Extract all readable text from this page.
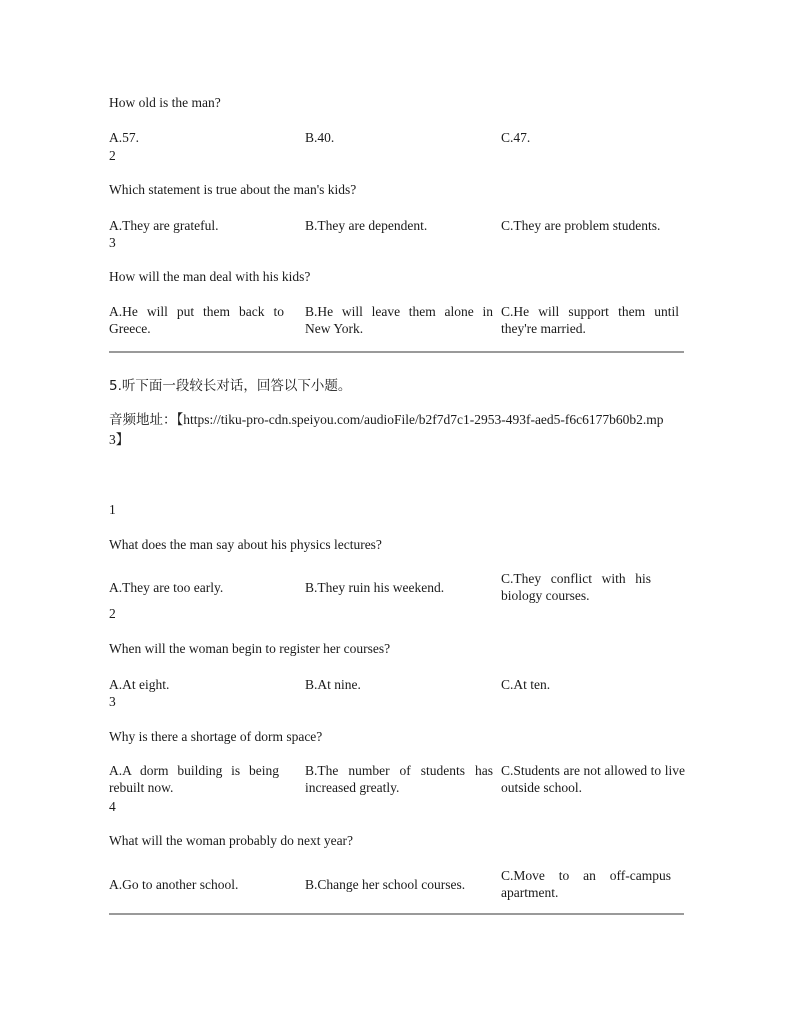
How old is the man?
A.57.	B.40.	C.47.
2
Which statement is true about the man's kids?
A.They are grateful.	B.They are dependent.	C.They are problem students.
3
How will the man deal with his kids?
A.He will put them back to Greece.
B.He will leave them alone in New York.
C.He will support them until they're married.
5.听下面一段较长对话，回答以下小题。
音频地址：【https://tiku-pro-cdn.speiyou.com/audioFile/b2f7d7c1-2953-493f-aed5-f6c6177b60b2.mp3】
1
What does the man say about his physics lectures?
A.They are too early.	B.They ruin his weekend.
C.They conflict with his biology courses.
2
When will the woman begin to register her courses?
A.At eight.	B.At nine.	C.At ten.
3
Why is there a shortage of dorm space?
A.A dorm building is being rebuilt now.
B.The number of students has increased greatly.
C.Students are not allowed to live outside school.
4
What will the woman probably do next year?
A.Go to another school.	B.Change her school courses.
C.Move to an off-campus apartment.
